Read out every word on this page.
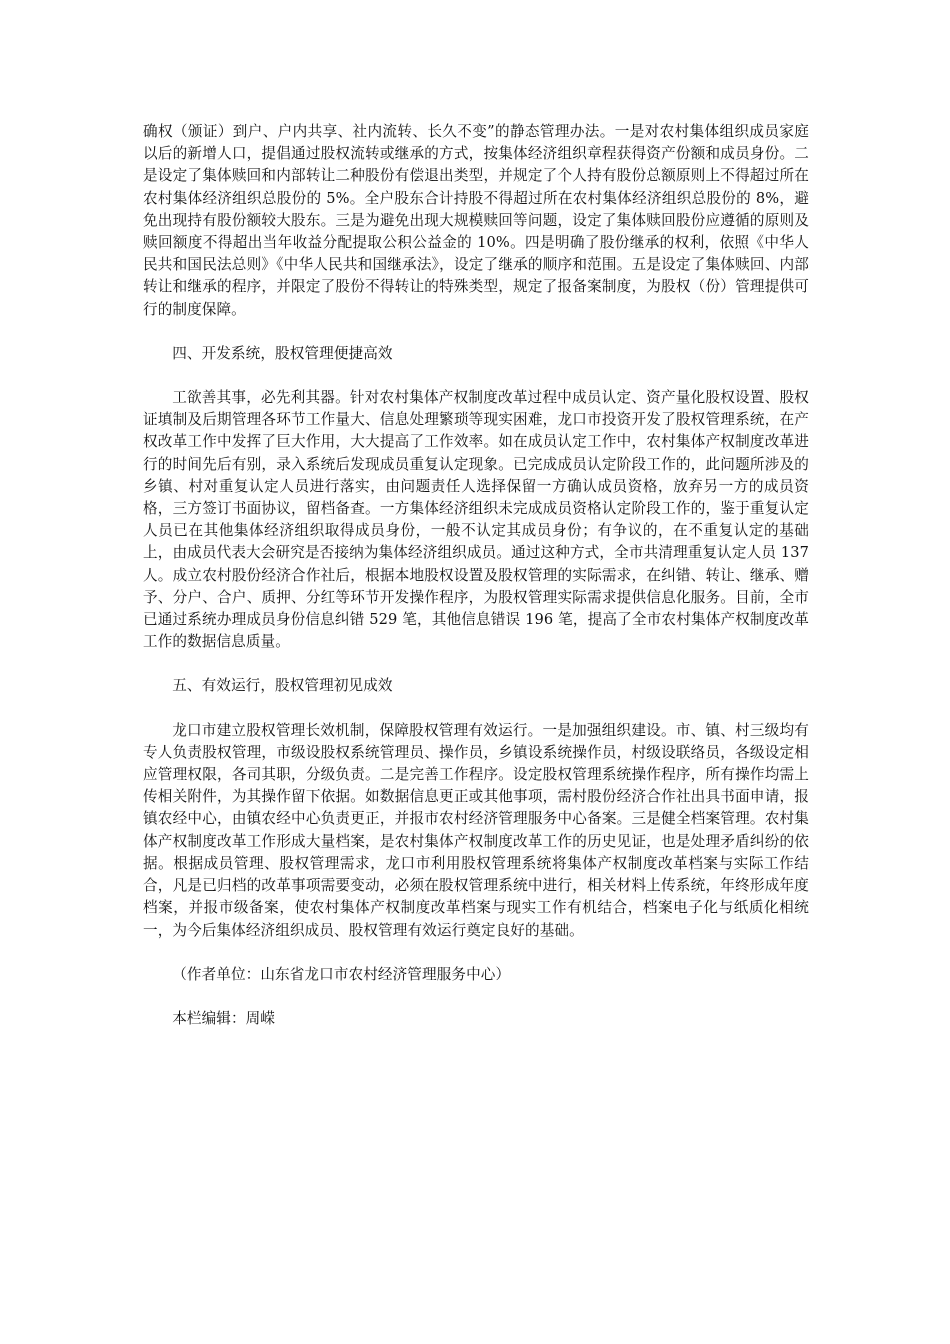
确权（颁证）到户、户内共享、社内流转、长久不变”的静态管理办法。一是对农村集体组织成员家庭以后的新增人口，提倡通过股权流转或继承的方式，按集体经济组织章程获得资产份额和成员身份。二是设定了集体赎回和内部转让二种股份有偿退出类型，并规定了个人持有股份总额原则上不得超过所在农村集体经济组织总股份的 5%。全户股东合计持股不得超过所在农村集体经济组织总股份的 8%，避免出现持有股份额较大股东。三是为避免出现大规模赎回等问题，设定了集体赎回股份应遵循的原则及赎回额度不得超出当年收益分配提取公积公益金的 10%。四是明确了股份继承的权利，依照《中华人民共和国民法总则》《中华人民共和国继承法》，设定了继承的顺序和范围。五是设定了集体赎回、内部转让和继承的程序，并限定了股份不得转让的特殊类型，规定了报备案制度，为股权（份）管理提供可行的制度保障。

四、开发系统，股权管理便捷高效

工欲善其事，必先利其器。针对农村集体产权制度改革过程中成员认定、资产量化股权设置、股权证填制及后期管理各环节工作量大、信息处理繁琐等现实困难，龙口市投资开发了股权管理系统，在产权改革工作中发挥了巨大作用，大大提高了工作效率。如在成员认定工作中，农村集体产权制度改革进行的时间先后有别，录入系统后发现成员重复认定现象。已完成成员认定阶段工作的，此问题所涉及的乡镇、村对重复认定人员进行落实，由问题责任人选择保留一方确认成员资格，放弃另一方的成员资格，三方签订书面协议，留档备查。一方集体经济组织未完成成员资格认定阶段工作的，鉴于重复认定人员已在其他集体经济组织取得成员身份，一般不认定其成员身份；有争议的，在不重复认定的基础上，由成员代表大会研究是否接纳为集体经济组织成员。通过这种方式，全市共清理重复认定人员 137 人。成立农村股份经济合作社后，根据本地股权设置及股权管理的实际需求，在纠错、转让、继承、赠予、分户、合户、质押、分红等环节开发操作程序，为股权管理实际需求提供信息化服务。目前，全市已通过系统办理成员身份信息纠错 529 笔，其他信息错误 196 笔，提高了全市农村集体产权制度改革工作的数据信息质量。

五、有效运行，股权管理初见成效

龙口市建立股权管理长效机制，保障股权管理有效运行。一是加强组织建设。市、镇、村三级均有专人负责股权管理，市级设股权系统管理员、操作员，乡镇设系统操作员，村级设联络员，各级设定相应管理权限，各司其职，分级负责。二是完善工作程序。设定股权管理系统操作程序，所有操作均需上传相关附件，为其操作留下依据。如数据信息更正或其他事项，需村股份经济合作社出具书面申请，报镇农经中心，由镇农经中心负责更正，并报市农村经济管理服务中心备案。三是健全档案管理。农村集体产权制度改革工作形成大量档案，是农村集体产权制度改革工作的历史见证，也是处理矛盾纠纷的依据。根据成员管理、股权管理需求，龙口市利用股权管理系统将集体产权制度改革档案与实际工作结合，凡是已归档的改革事项需要变动，必须在股权管理系统中进行，相关材料上传系统，年终形成年度档案，并报市级备案，使农村集体产权制度改革档案与现实工作有机结合，档案电子化与纸质化相统一，为今后集体经济组织成员、股权管理有效运行奠定良好的基础。

（作者单位：山东省龙口市农村经济管理服务中心）

本栏编辑：周嵘
